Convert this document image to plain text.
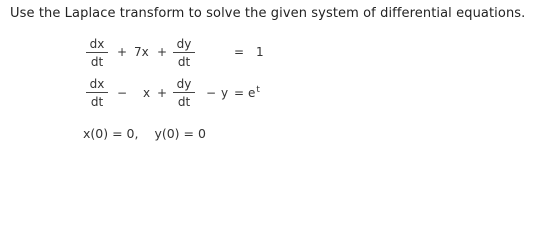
Use the Laplace transform to solve the given system of differential equations.
dx
dt
+ 7x +
dy
dt
= 1
dx
dt
− x +
dy
dt
− $y = e^t$
x(0) = 0, y(0) = 0
